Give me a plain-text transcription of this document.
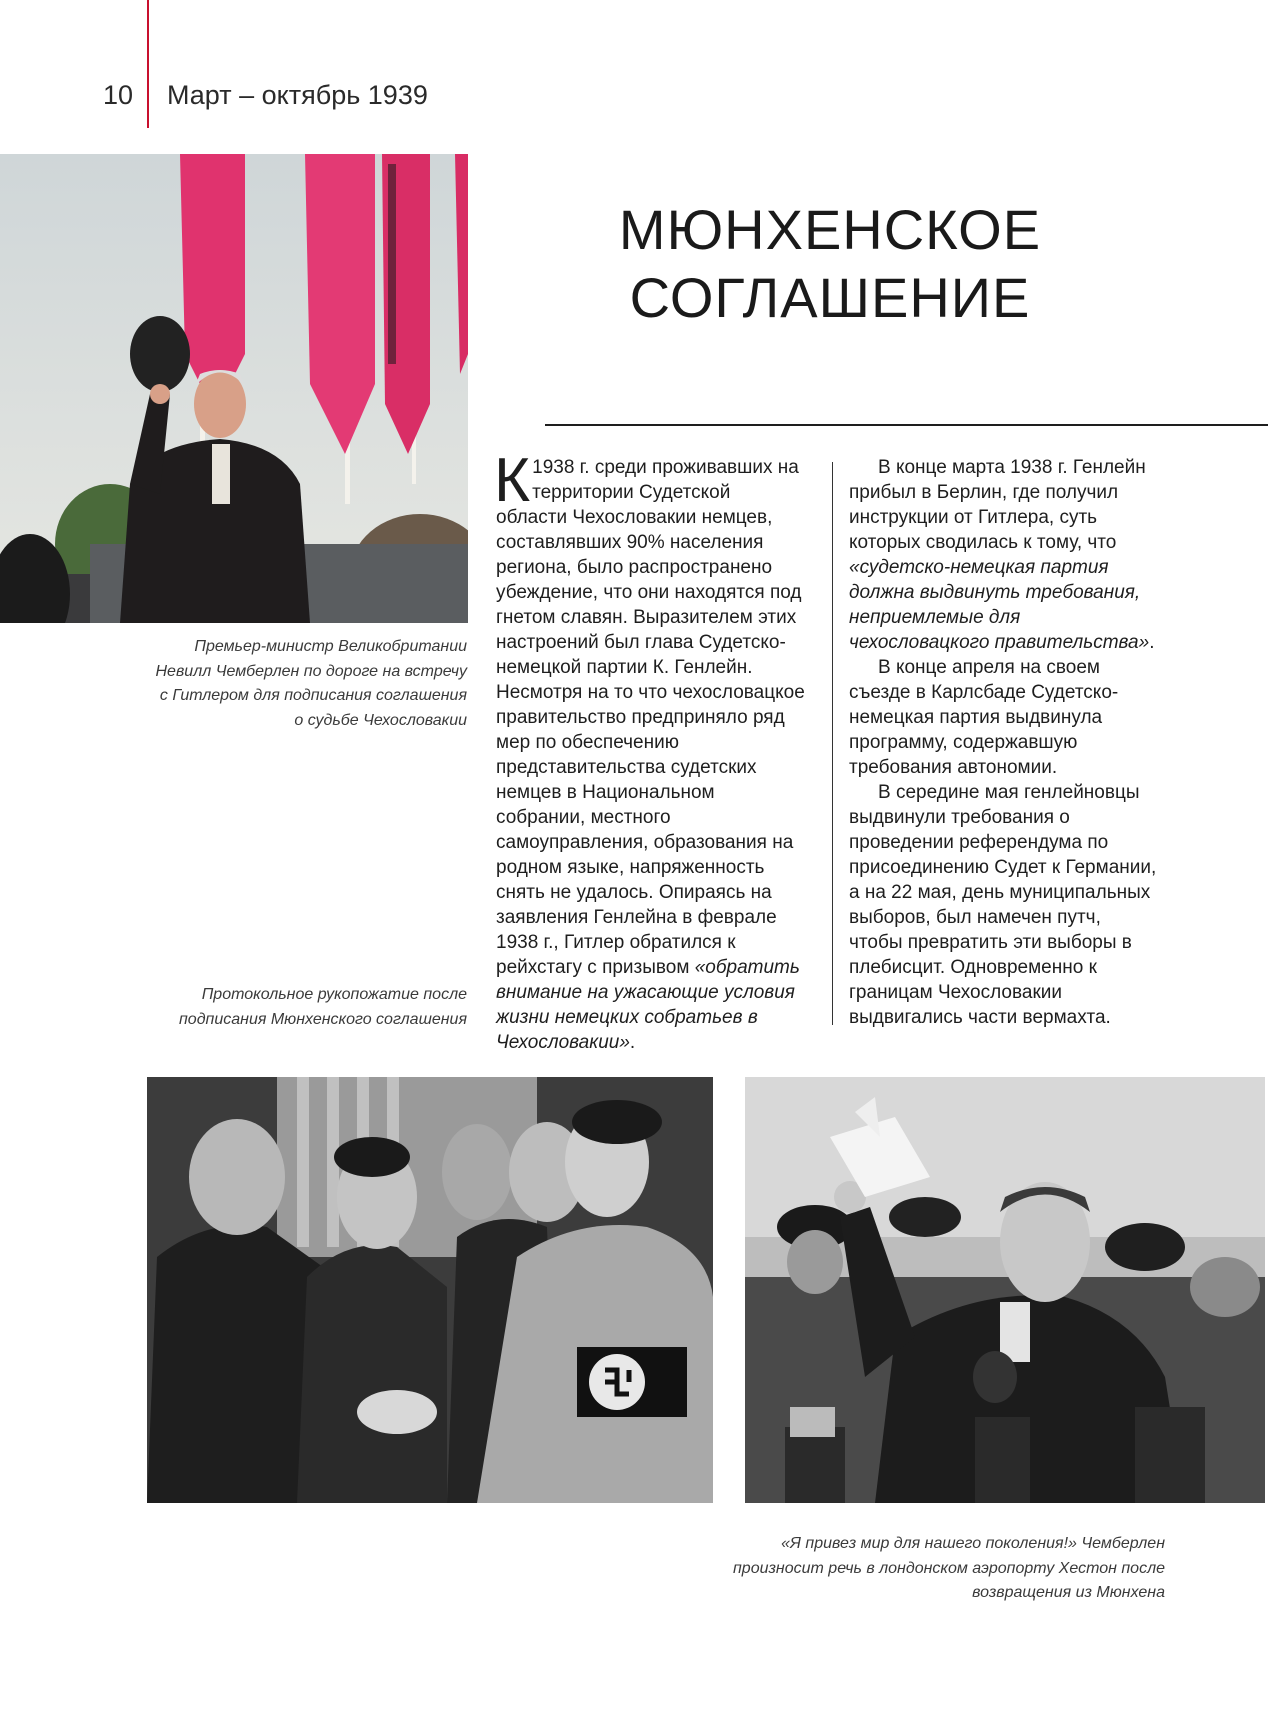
10 Март – октябрь 1939
МЮНХЕНСКОЕ
СОГЛАШЕНИЕ
Премьер-министр Великобритании Невилл Чемберлен по дороге на встречу с Гитлером для подписания соглашения о судьбе Чехословакии
Протокольное рукопожатие после подписания Мюнхенского соглашения

К 1938 г. среди проживавших на территории Судетской области Чехословакии немцев, составлявших 90% населения региона, было распространено убеждение, что они находятся под гнетом славян. Выразителем этих настроений был глава Судетско-немецкой партии К. Генлейн. Несмотря на то что чехословацкое правительство предприняло ряд мер по обеспечению представительства судетских немцев в Национальном собрании, местного самоуправления, образования на родном языке, напряженность снять не удалось. Опираясь на заявления Генлейна в феврале 1938 г., Гитлер обратился к рейхстагу с призывом «обратить внимание на ужасающие условия жизни немецких собратьев в Чехословакии».

В конце марта 1938 г. Генлейн прибыл в Берлин, где получил инструкции от Гитлера, суть которых сводилась к тому, что «судетско-немецкая партия должна выдвинуть требования, неприемлемые для чехословацкого правительства».

В конце апреля на своем съезде в Карлсбаде Судетско-немецкая партия выдвинула программу, содержавшую требования автономии.

В середине мая генлейновцы выдвинули требования о проведении референдума по присоединению Судет к Германии, а на 22 мая, день муниципальных выборов, был намечен путч, чтобы превратить эти выборы в плебисцит. Одновременно к границам Чехословакии выдвигались части вермахта.

«Я привез мир для нашего поколения!» Чемберлен произносит речь в лондонском аэропорту Хестон после возвращения из Мюнхена
